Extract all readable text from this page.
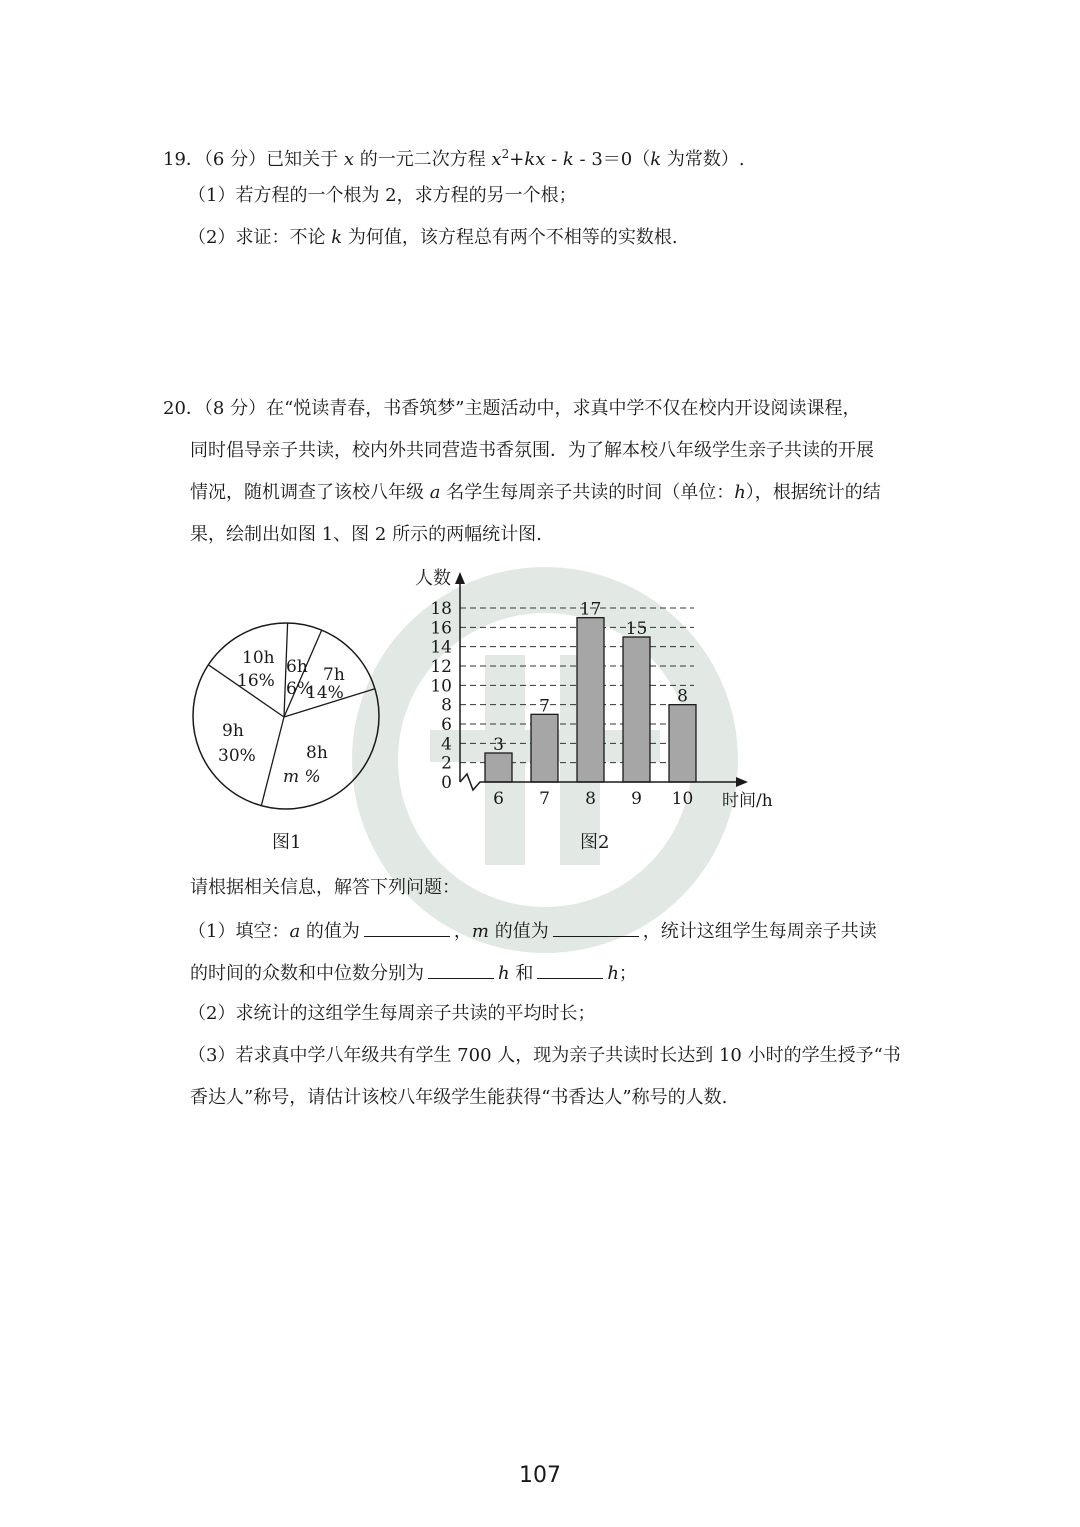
19．（6 分）已知关于 x 的一元二次方程 $x^2+kx - k - 3=0(k$ 为常数）.
（1）若方程的一个根为 2，求方程的另一个根；
（2）求证：不论 k 为何值，该方程总有两个不相等的实数根.
20．（8 分）在“悦读青春，书香筑梦”主题活动中，求真中学不仅在校内开设阅读课程，
同时倡导亲子共读，校内外共同营造书香氛围．为了解本校八年级学生亲子共读的开展
情况，随机调查了该校八年级 a 名学生每周亲子共读的时间（单位：h），根据统计的结
果，绘制出如图 1、图 2 所示的两幅统计图.
6%
6h 7h
14%
8h
m %
9h
30%
10h
16%
图1
0
2
4
6
8
10
12
14
16
18
3
7
17
15
8
6 7 8 9 10
人数
时间/h
图2
请根据相关信息，解答下列问题：
（1）填空：a 的值为	，m 的值为	，统计这组学生每周亲子共读
的时间的众数和中位数分别为	h 和	h；
（2）求统计的这组学生每周亲子共读的平均时长；
（3）若求真中学八年级共有学生 700 人，现为亲子共读时长达到 10 小时的学生授予“书
香达人”称号，请估计该校八年级学生能获得“书香达人”称号的人数.
107
